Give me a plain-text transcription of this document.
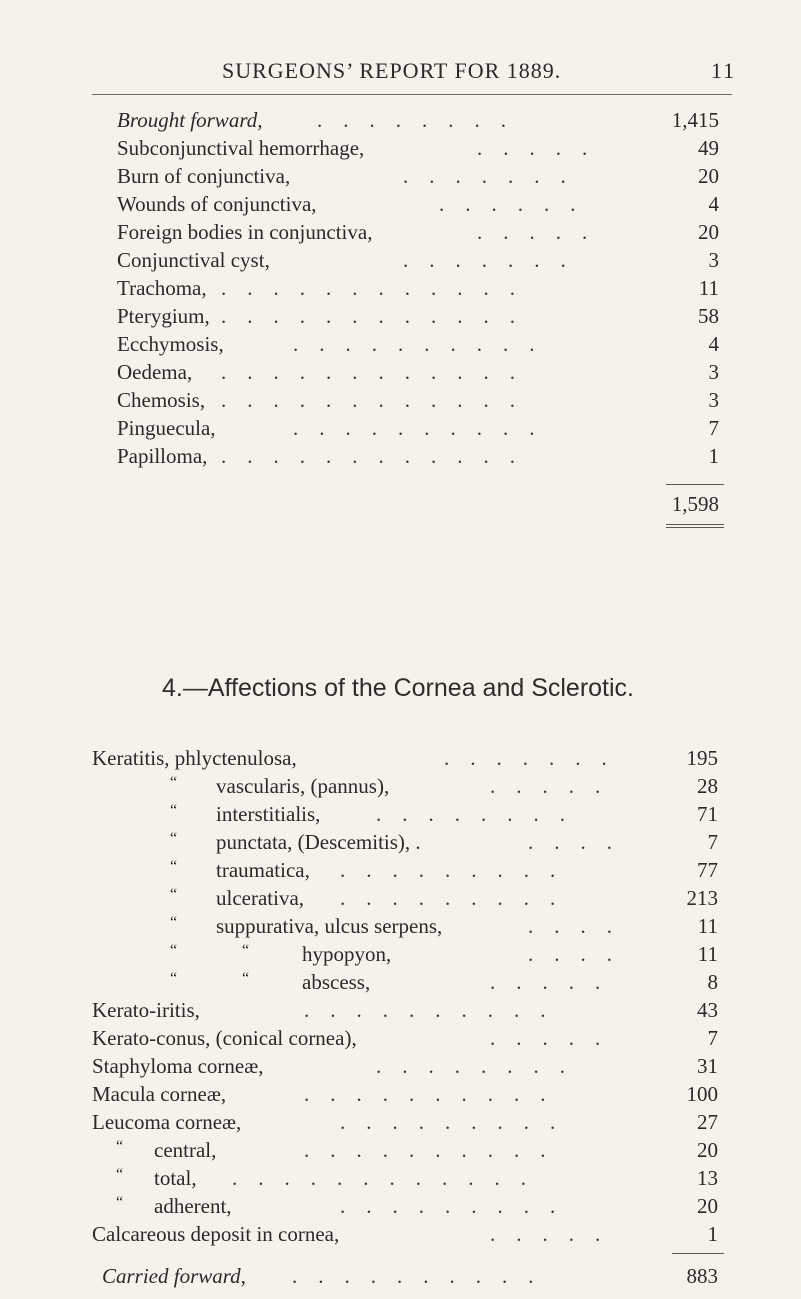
SURGEONS’ REPORT FOR 1889.	11
Brought forward,	.    .    .    .    .    .    .    .	1,415
Subconjunctival hemorrhage,	.    .    .    .    .	49
Burn of conjunctiva,	.    .    .    .    .    .    .	20
Wounds of conjunctiva,	.    .    .    .    .    .	4
Foreign bodies in conjunctiva,	.    .    .    .    .	20
Conjunctival cyst,	.    .    .    .    .    .    .	3
Trachoma, .    .    .    .    .    .    .    .    .    .    .    .	11
Pterygium, .    .    .    .    .    .    .    .    .    .    .    .	58
Ecchymosis,	.    .    .    .    .    .    .    .    .    .	4
Oedema, .    .    .    .    .    .    .    .    .    .    .    .	3
Chemosis, .    .    .    .    .    .    .    .    .    .    .    .	3
Pinguecula,	.    .    .    .    .    .    .    .    .    .	7
Papilloma, .    .    .    .    .    .    .    .    .    .    .    .	1
1,598
4.—Affections of the Cornea and Sclerotic.
Keratitis, phlyctenulosa,	.    .    .    .    .    .    .	195
“ vascularis, (pannus),	.    .    .    .    .	28
“ interstitialis,	.    .    .    .    .    .    .    .	71
“ punctata, (Descemitis), .	.    .    .    .	7
“ traumatica, .    .    .    .    .    .    .    .    .	77
“ ulcerativa, .    .    .    .    .    .    .    .    .	213
“ suppurativa, ulcus serpens,	.    .    .    .	11
“	“	hypopyon,	.    .    .    .	11
“	“	abscess,	.    .    .    .    .	8
Kerato-iritis,	.    .    .    .    .    .    .    .    .    .	43
Kerato-conus, (conical cornea),	.    .    .    .    .	7
Staphyloma corneæ,	.    .    .    .    .    .    .    .	31
Macula corneæ,	.    .    .    .    .    .    .    .    .    .	100
Leucoma corneæ,	.    .    .    .    .    .    .    .    .	27
“ central,	.    .    .    .    .    .    .    .    .    .	20
“ total, .    .    .    .    .    .    .    .    .    .    .    .	13
“ adherent,	.    .    .    .    .    .    .    .    .	20
Calcareous deposit in cornea,	.    .    .    .    .	1
Carried forward, .    .    .    .    .    .    .    .    .    .	883
